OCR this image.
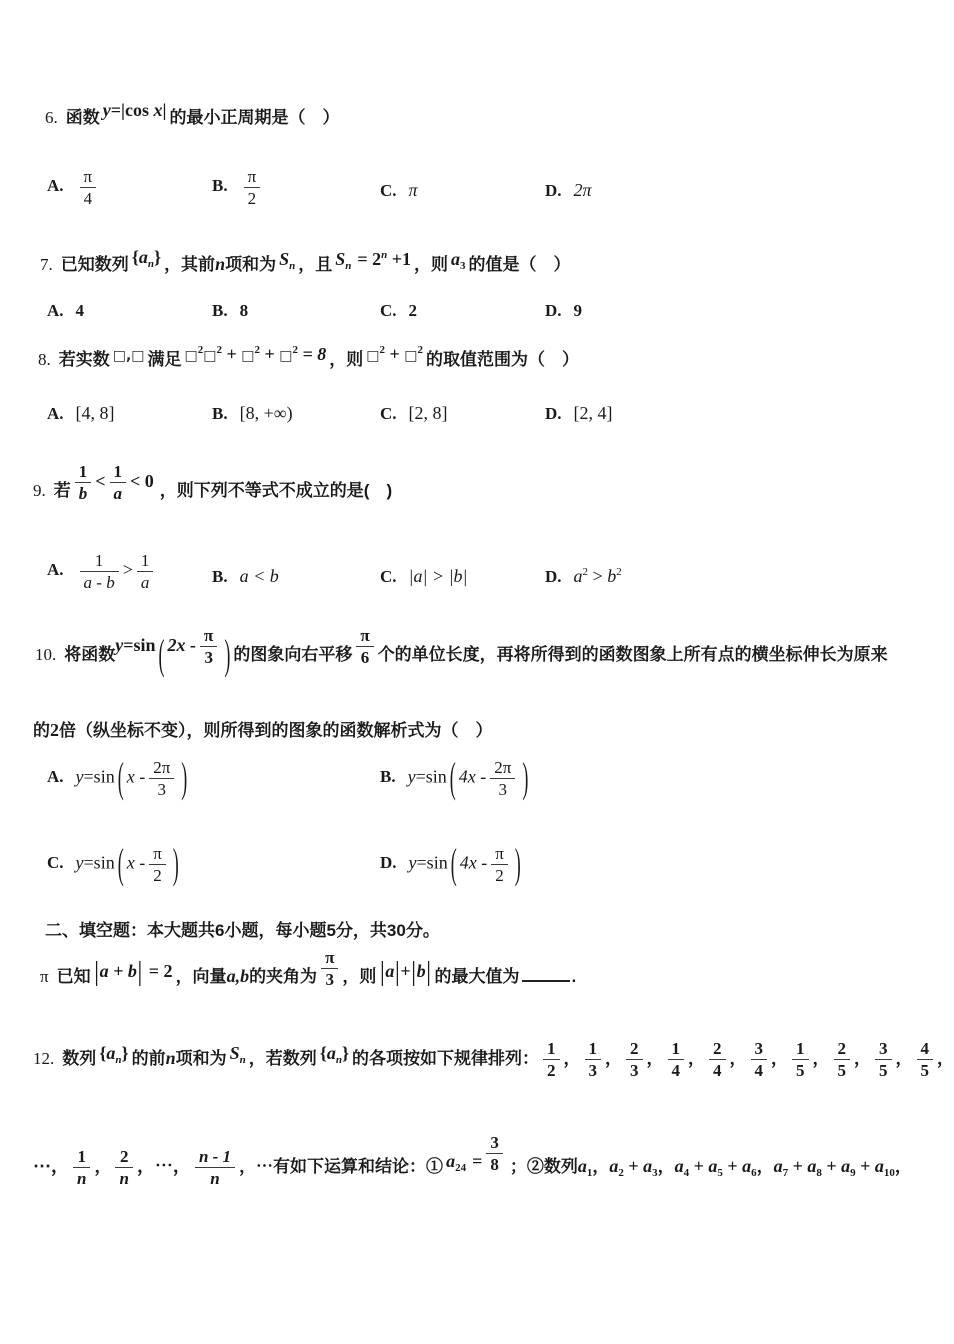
6. 函数 y=|cos x| 的最小正周期是（　）
A. $\frac{\pi}{4}$	B. $\frac{\pi}{2}$	C. π	D. 2π
7. 已知数列 $\{a_n\}$ ，其前n项和为 $S_n$ ，且 $S_n = 2^n +1$ ，则 $a_3$ 的值是（　）
A. 4	B. 8	C. 2	D. 9
8. 若实数 □,□ 满足 □$^2$□$^2$ + □$^2$ + □$^2$ = 8 ，则 □$^2$ + □$^2$ 的取值范围为（　）
A. [4, 8]	B. [8, +∞)	C. [2, 8]	D. [2, 4]
9. 若 $\frac{1}{b} < \frac{1}{a} < 0$ ，则下列不等式不成立的是(　)
A. $\frac{1}{a - b} > \frac{1}{a}$	B. a < b	C. |a| > |b|	D. $a^2 > b^2$
10. 将函数y=sin ( $2x - \frac{\pi}{3}$ ) 的图象向右平移 $\frac{\pi}{6}$ 个的单位长度，再将所得到的函数图象上所有点的横坐标伸长为原来
的2倍（纵坐标不变），则所得到的图象的函数解析式为（　）
A. y=sin ( x - $\frac{2\pi}{3}$ )	B. y=sin ( $4x - \frac{2\pi}{3}$ )
C. y=sin ( x - $\frac{\pi}{2}$ )	D. y=sin ( $4x - \frac{\pi}{2}$ )
二、填空题：本大题共6小题，每小题5分，共30分。
π 已知 |a + b| = 2 ，向量a,b的夹角为 $\frac{\pi}{3}$ ，则 |a|+|b| 的最大值为	.
12. 数列 $\{a_n\}$ 的前n项和为 $S_n$ ，若数列 $\{a_n\}$ 的各项按如下规律排列： $\frac{1}{2}$ ， $\frac{1}{3}$ ， $\frac{2}{3}$ ， $\frac{1}{4}$ ， $\frac{2}{4}$ ， $\frac{3}{4}$ ， $\frac{1}{5}$ ， $\frac{2}{5}$ ， $\frac{3}{5}$ ， $\frac{4}{5}$ ，
⋯， $\frac{1}{n}$ ， $\frac{2}{n}$ ，⋯， $\frac{n - 1}{n}$ ，⋯有如下运算和结论：① $a_{24} = \frac{3}{8}$ ；②数列$a_1$，$a_2 + a_3$，$a_4 + a_5 + a_6$，$a_7 + a_8 + a_9 + a_{10}$，
